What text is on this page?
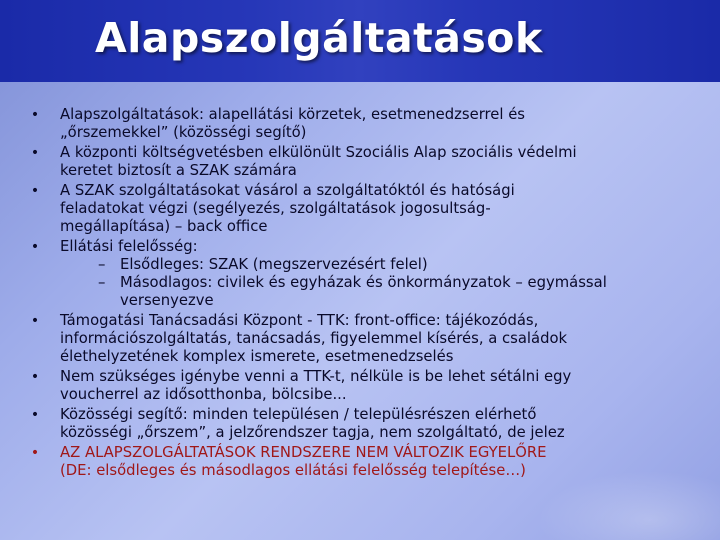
Alapszolgáltatások
• Alapszolgáltatások: alapellátási körzetek, esetmenedzserrel és
„őrszemekkel” (közösségi segítő)
• A központi költségvetésben elkülönült Szociális Alap szociális védelmi
keretet biztosít a SZAK számára
• A SZAK szolgáltatásokat vásárol a szolgáltatóktól és hatósági
feladatokat végzi (segélyezés, szolgáltatások jogosultság-
megállapítása) – back office
• Ellátási felelősség:
– Elsődleges: SZAK (megszervezésért felel)
– Másodlagos: civilek és egyházak és önkormányzatok – egymással
versenyezve
• Támogatási Tanácsadási Központ - TTK: front-office: tájékozódás,
információszolgáltatás, tanácsadás, figyelemmel kísérés, a családok
élethelyzetének komplex ismerete, esetmenedzselés
• Nem szükséges igénybe venni a TTK-t, nélküle is be lehet sétálni egy
voucherrel az idősotthonba, bölcsibe...
• Közösségi segítő: minden településen / településrészen elérhető
közösségi „őrszem”, a jelzőrendszer tagja, nem szolgáltató, de jelez
• AZ ALAPSZOLGÁLTATÁSOK RENDSZERE NEM VÁLTOZIK EGYELŐRE
(DE: elsődleges és másodlagos ellátási felelősség telepítése…)
